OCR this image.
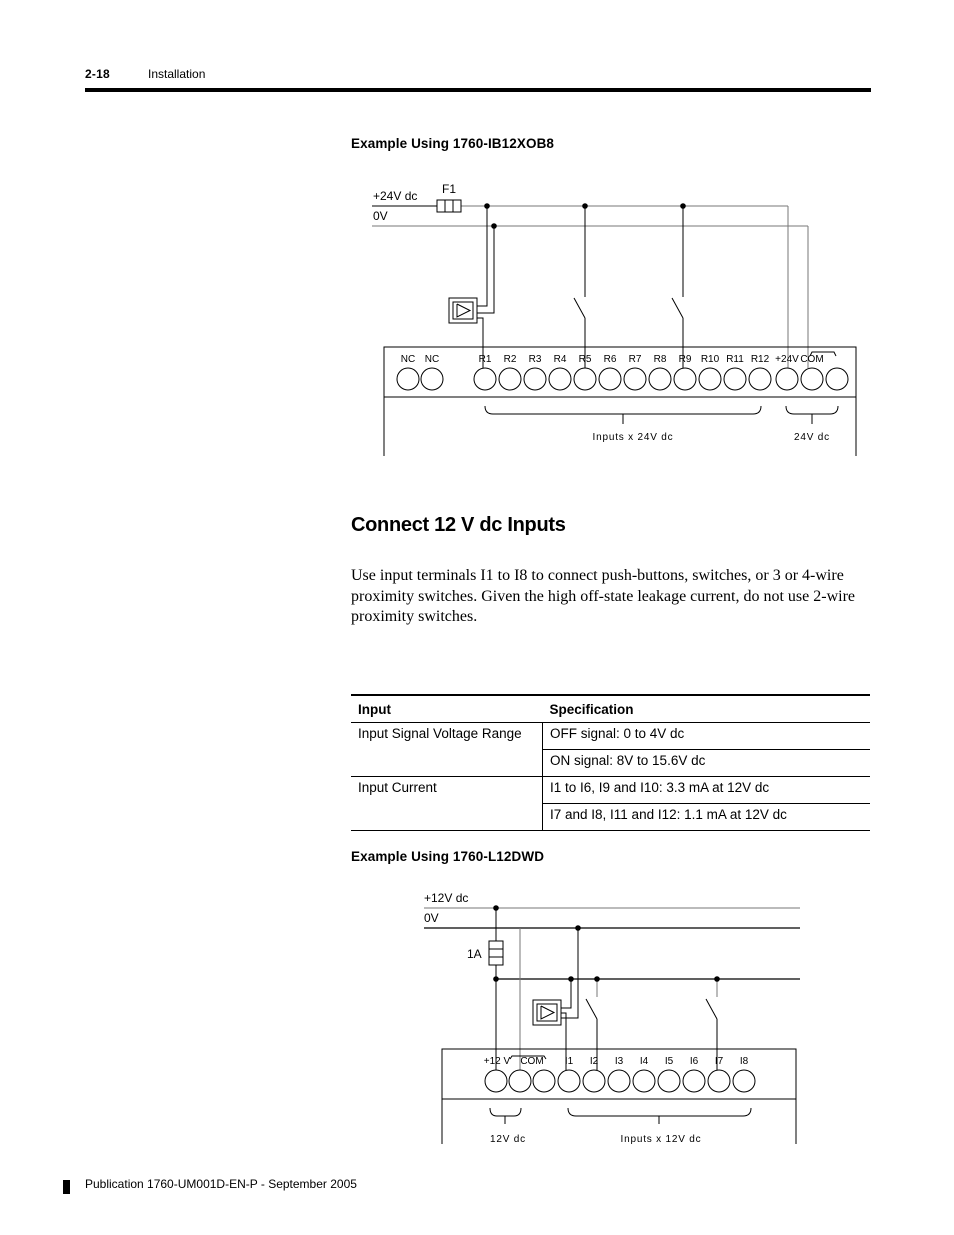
2-18	Installation
Example Using 1760-IB12XOB8
+24V dc
0V
F1
NC NC	R1 R2 R3 R4 R5 R6 R7 R8 R9 R10 R11 R12 +24V COM
Inputs x 24V dc	24V dc
Connect 12 V dc Inputs
Use input terminals I1 to I8 to connect push-buttons, switches, or 3 or 4-wire proximity switches. Given the high off-state leakage current, do not use 2-wire proximity switches.
Input	Specification
Input Signal Voltage Range	OFF signal: 0 to 4V dc
	ON signal: 8V to 15.6V dc
Input Current	I1 to I6, I9 and I10: 3.3 mA at 12V dc
	I7 and I8, I11 and I12: 1.1 mA at 12V dc
Example Using 1760-L12DWD
+12V dc
0V
1A
+12 V COM I1 I2 I3 I4 I5 I6 I7 I8
12V dc	Inputs x 12V dc
Publication 1760-UM001D-EN-P - September 2005
